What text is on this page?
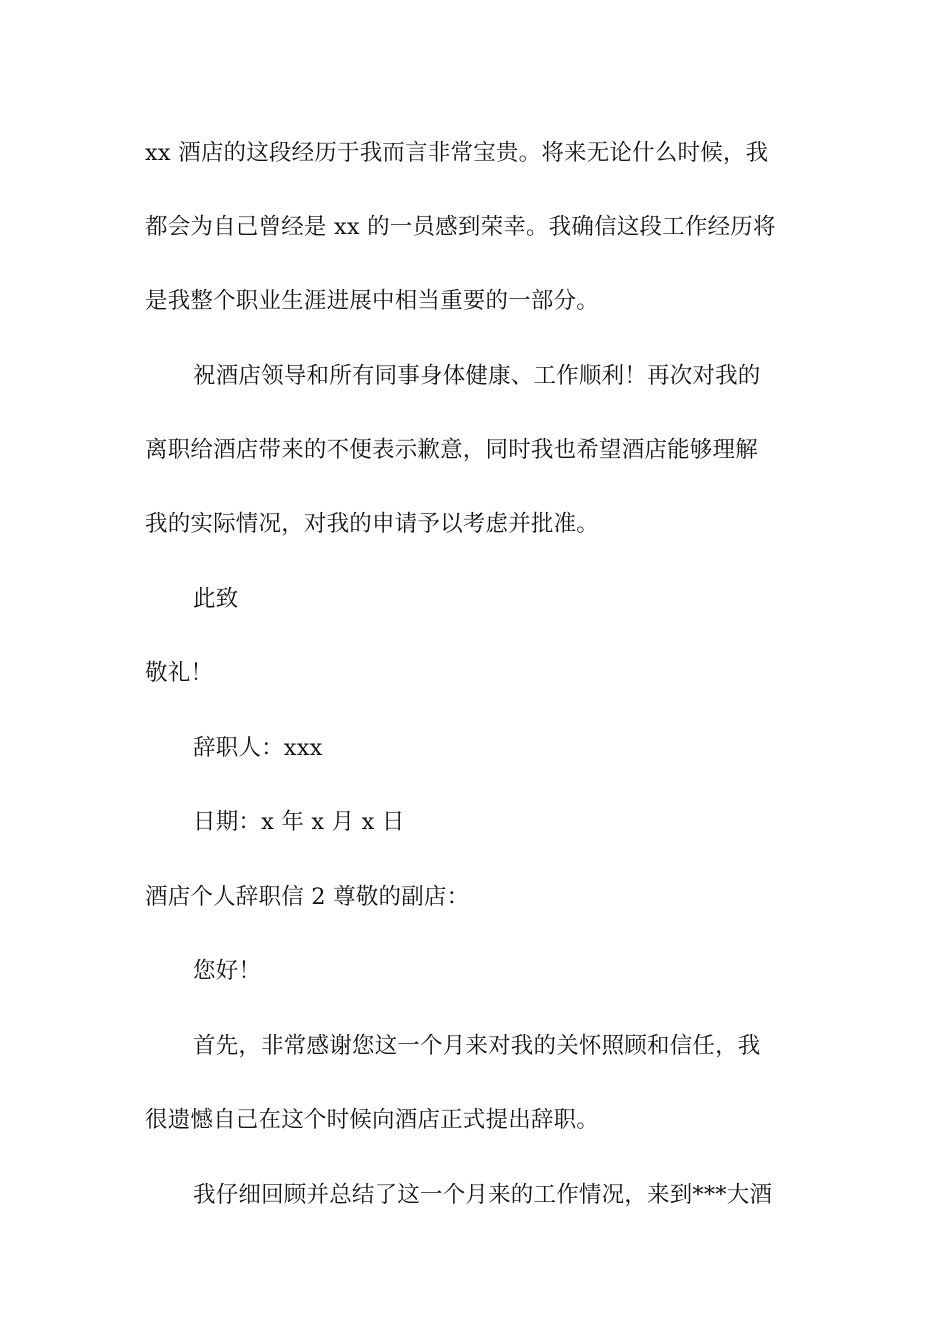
xx 酒店的这段经历于我而言非常宝贵。将来无论什么时候，我
都会为自己曾经是 xx 的一员感到荣幸。我确信这段工作经历将
是我整个职业生涯进展中相当重要的一部分。
祝酒店领导和所有同事身体健康、工作顺利！再次对我的
离职给酒店带来的不便表示歉意，同时我也希望酒店能够理解
我的实际情况，对我的申请予以考虑并批准。
此致
敬礼！
辞职人：xxx
日期：x 年 x 月 x 日
酒店个人辞职信 2 尊敬的副店：
您好！
首先，非常感谢您这一个月来对我的关怀照顾和信任，我
很遗憾自己在这个时候向酒店正式提出辞职。
我仔细回顾并总结了这一个月来的工作情况，来到***大酒
